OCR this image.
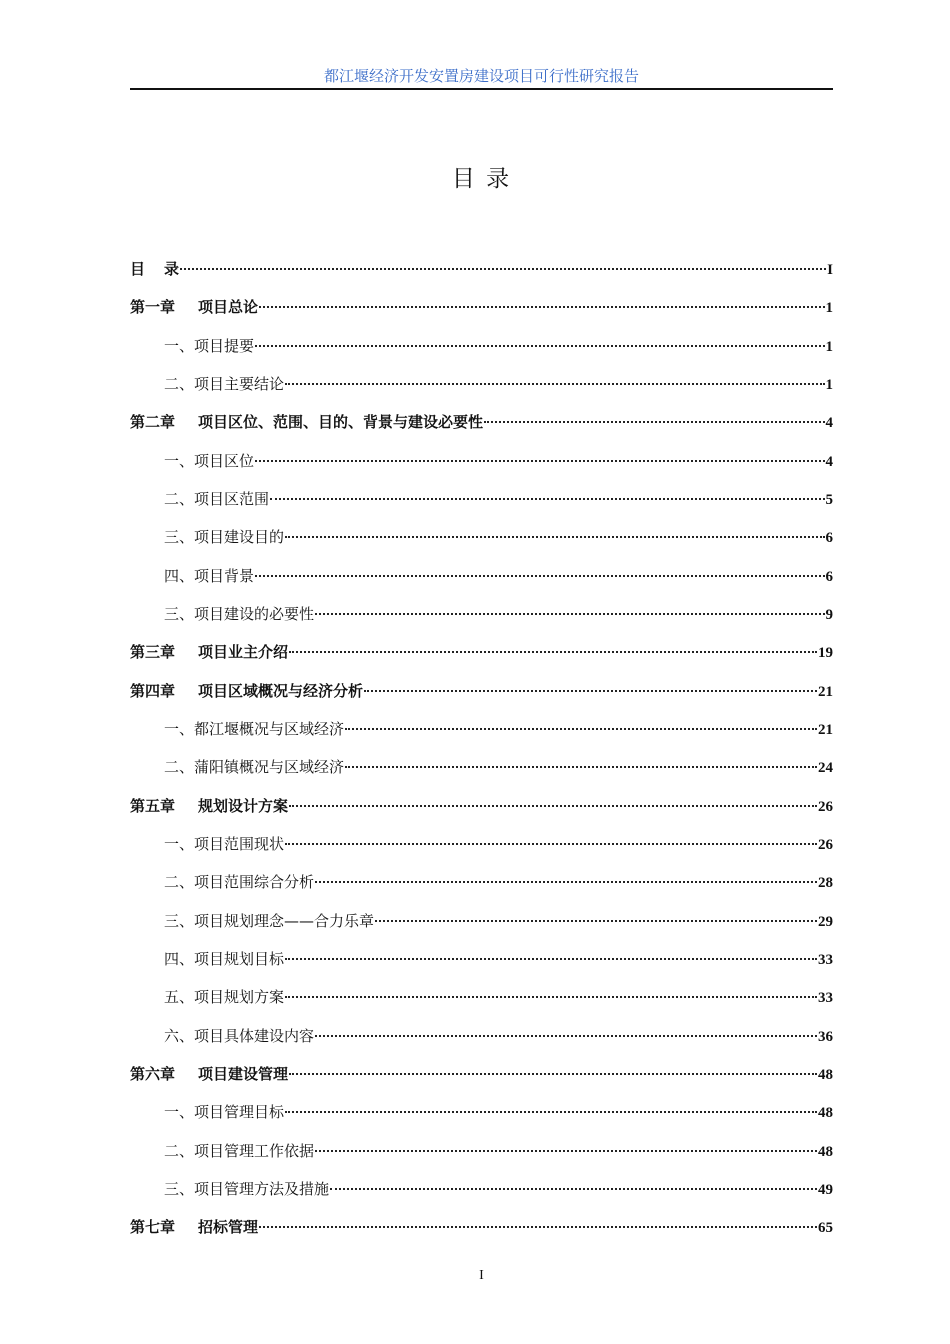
都江堰经济开发安置房建设项目可行性研究报告
目 录
目	录	I
第一章	项目总论	1
一、项目提要	1
二、项目主要结论	1
第二章	项目区位、范围、目的、背景与建设必要性	4
一、项目区位	4
二、项目区范围	5
三、项目建设目的	6
四、项目背景	6
三、项目建设的必要性	9
第三章	项目业主介绍	19
第四章	项目区域概况与经济分析	21
一、都江堰概况与区域经济	21
二、蒲阳镇概况与区域经济	24
第五章	规划设计方案	26
一、项目范围现状	26
二、项目范围综合分析	28
三、项目规划理念——合力乐章	29
四、项目规划目标	33
五、项目规划方案	33
六、项目具体建设内容	36
第六章	项目建设管理	48
一、项目管理目标	48
二、项目管理工作依据	48
三、项目管理方法及措施	49
第七章	招标管理	65
I
